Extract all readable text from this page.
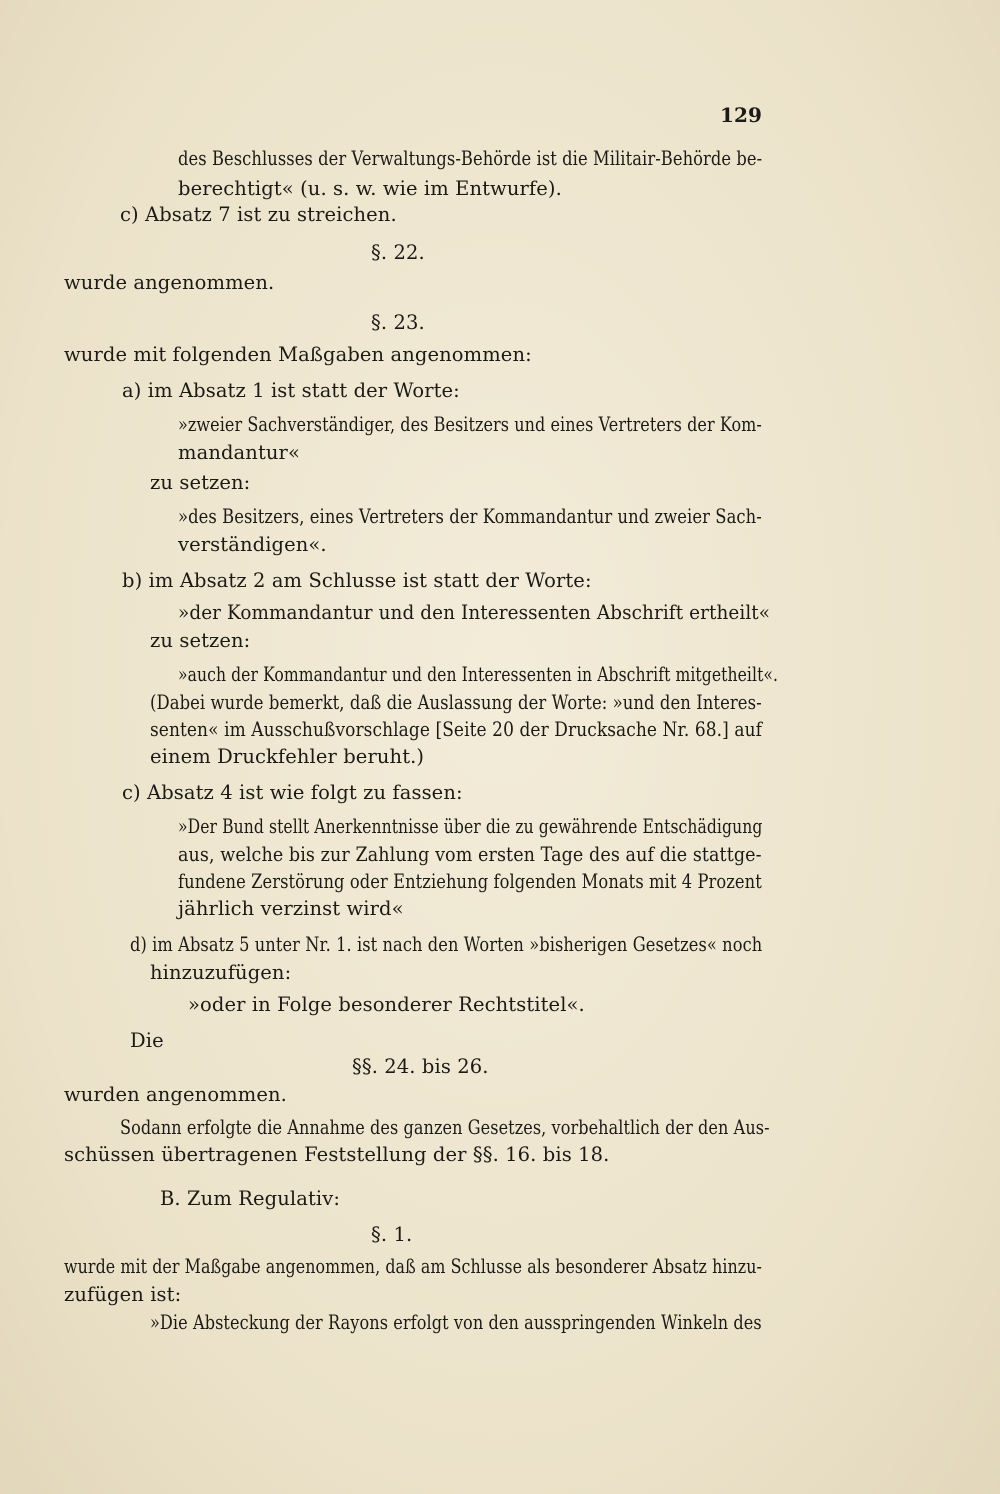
129
des Beschlusses der Verwaltungs-Behörde ist die Militair-Behörde be-
berechtigt« (u. s. w. wie im Entwurfe).
c) Absatz 7 ist zu streichen.
§. 22.
wurde angenommen.
§. 23.
wurde mit folgenden Maßgaben angenommen:
a) im Absatz 1 ist statt der Worte:
»zweier Sachverständiger, des Besitzers und eines Vertreters der Kom-
mandantur«
zu setzen:
»des Besitzers, eines Vertreters der Kommandantur und zweier Sach-
verständigen«.
b) im Absatz 2 am Schlusse ist statt der Worte:
»der Kommandantur und den Interessenten Abschrift ertheilt«
zu setzen:
»auch der Kommandantur und den Interessenten in Abschrift mitgetheilt«.
(Dabei wurde bemerkt, daß die Auslassung der Worte: »und den Interes-
senten« im Ausschußvorschlage [Seite 20 der Drucksache Nr. 68.] auf
einem Druckfehler beruht.)
c) Absatz 4 ist wie folgt zu fassen:
»Der Bund stellt Anerkenntnisse über die zu gewährende Entschädigung
aus, welche bis zur Zahlung vom ersten Tage des auf die stattge-
fundene Zerstörung oder Entziehung folgenden Monats mit 4 Prozent
jährlich verzinst wird«
d) im Absatz 5 unter Nr. 1. ist nach den Worten »bisherigen Gesetzes« noch
hinzuzufügen:
»oder in Folge besonderer Rechtstitel«.
Die
§§. 24. bis 26.
wurden angenommen.
Sodann erfolgte die Annahme des ganzen Gesetzes, vorbehaltlich der den Aus-
schüssen übertragenen Feststellung der §§. 16. bis 18.
B. Zum Regulativ:
§. 1.
wurde mit der Maßgabe angenommen, daß am Schlusse als besonderer Absatz hinzu-
zufügen ist:
»Die Absteckung der Rayons erfolgt von den ausspringenden Winkeln des
